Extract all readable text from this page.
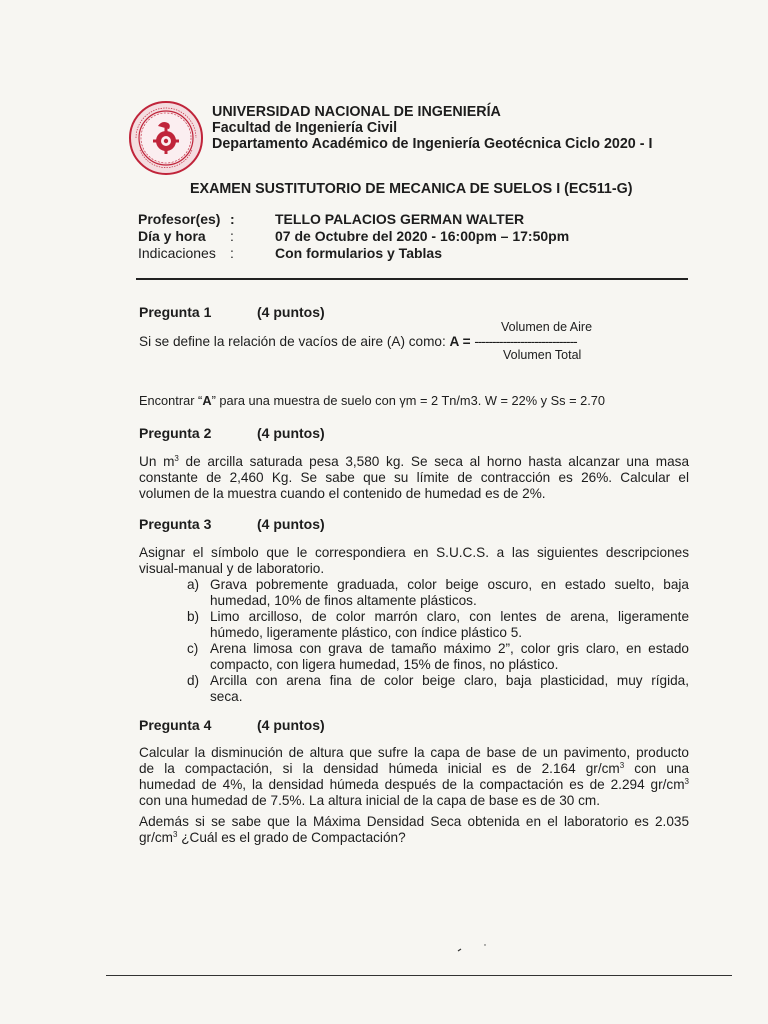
UNIVERSIDAD NACIONAL DE INGENIERÍA
Facultad de Ingeniería Civil
Departamento Académico de Ingeniería Geotécnica Ciclo 2020 - I
EXAMEN SUSTITUTORIO DE MECANICA DE SUELOS I (EC511-G)
Profesor(es) :	TELLO PALACIOS GERMAN WALTER
Día y hora :	07 de Octubre del 2020 - 16:00pm – 17:50pm
Indicaciones :	Con formularios y Tablas
Pregunta 1	(4 puntos)
Volumen de Aire
Si se define la relación de vacíos de aire (A) como: A = -----------------------------
Volumen Total
Encontrar “A” para una muestra de suelo con γm = 2 Tn/m3. W = 22% y Ss = 2.70
Pregunta 2	(4 puntos)
Un $m^3$ de arcilla saturada pesa 3,580 kg. Se seca al horno hasta alcanzar una masa
constante de 2,460 Kg. Se sabe que su límite de contracción es 26%. Calcular el
volumen de la muestra cuando el contenido de humedad es de 2%.
Pregunta 3	(4 puntos)
Asignar el símbolo que le correspondiera en S.U.C.S. a las siguientes descripciones
visual-manual y de laboratorio.
a) Grava pobremente graduada, color beige oscuro, en estado suelto, baja
humedad, 10% de finos altamente plásticos.
b) Limo arcilloso, de color marrón claro, con lentes de arena, ligeramente
húmedo, ligeramente plástico, con índice plástico 5.
c) Arena limosa con grava de tamaño máximo 2”, color gris claro, en estado
compacto, con ligera humedad, 15% de finos, no plástico.
d) Arcilla con arena fina de color beige claro, baja plasticidad, muy rígida,
seca.
Pregunta 4	(4 puntos)
Calcular la disminución de altura que sufre la capa de base de un pavimento, producto
de la compactación, si la densidad húmeda inicial es de 2.164 $gr/cm^3$ con una
humedad de 4%, la densidad húmeda después de la compactación es de 2.294 $gr/cm^3$
con una humedad de 7.5%. La altura inicial de la capa de base es de 30 cm.
Además si se sabe que la Máxima Densidad Seca obtenida en el laboratorio es 2.035
$gr/cm^3$ ¿Cuál es el grado de Compactación?
